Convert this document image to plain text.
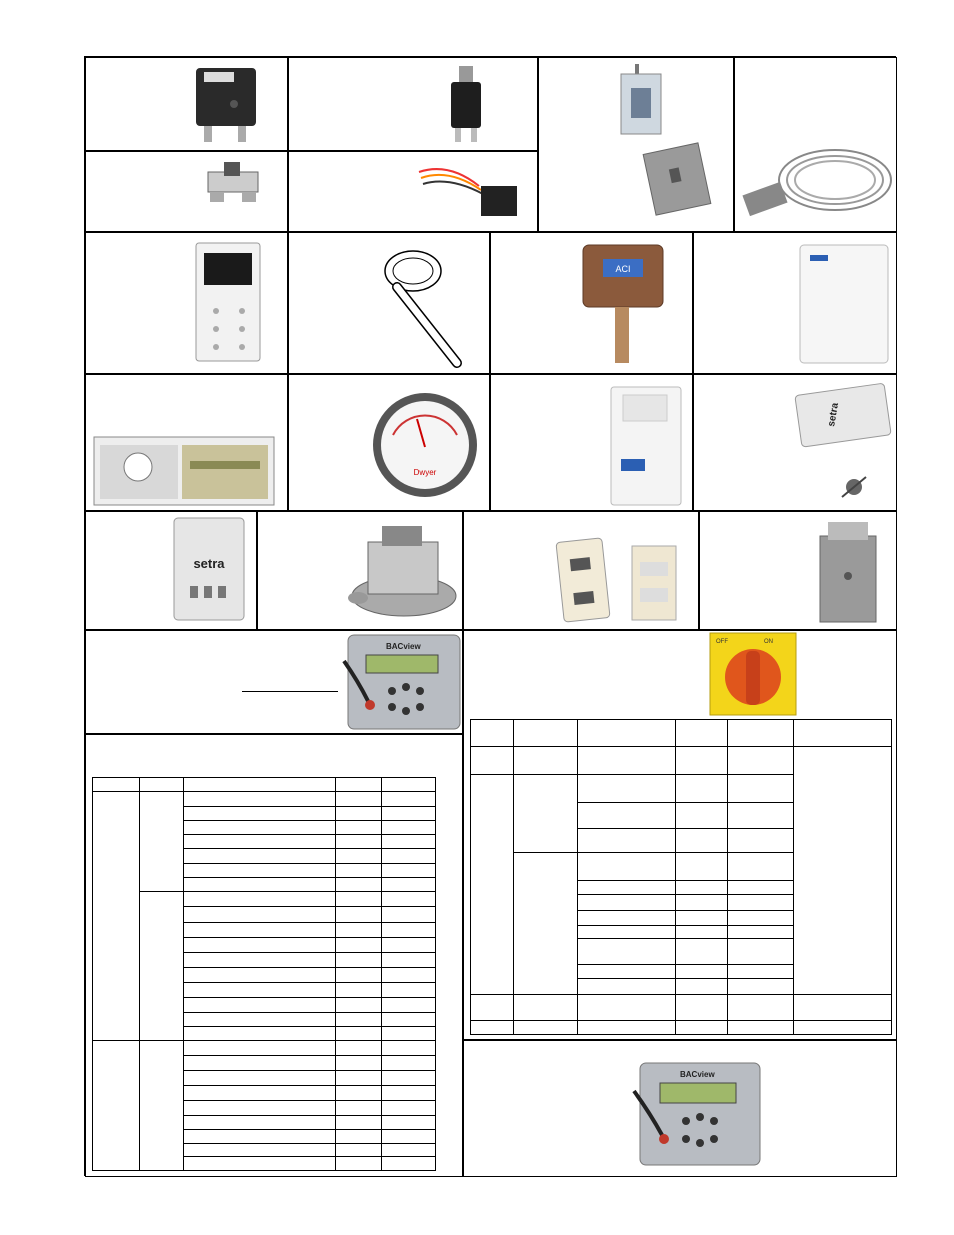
ACI
Dwyer
setra
setra
BACview	ON
OFF
BACview
